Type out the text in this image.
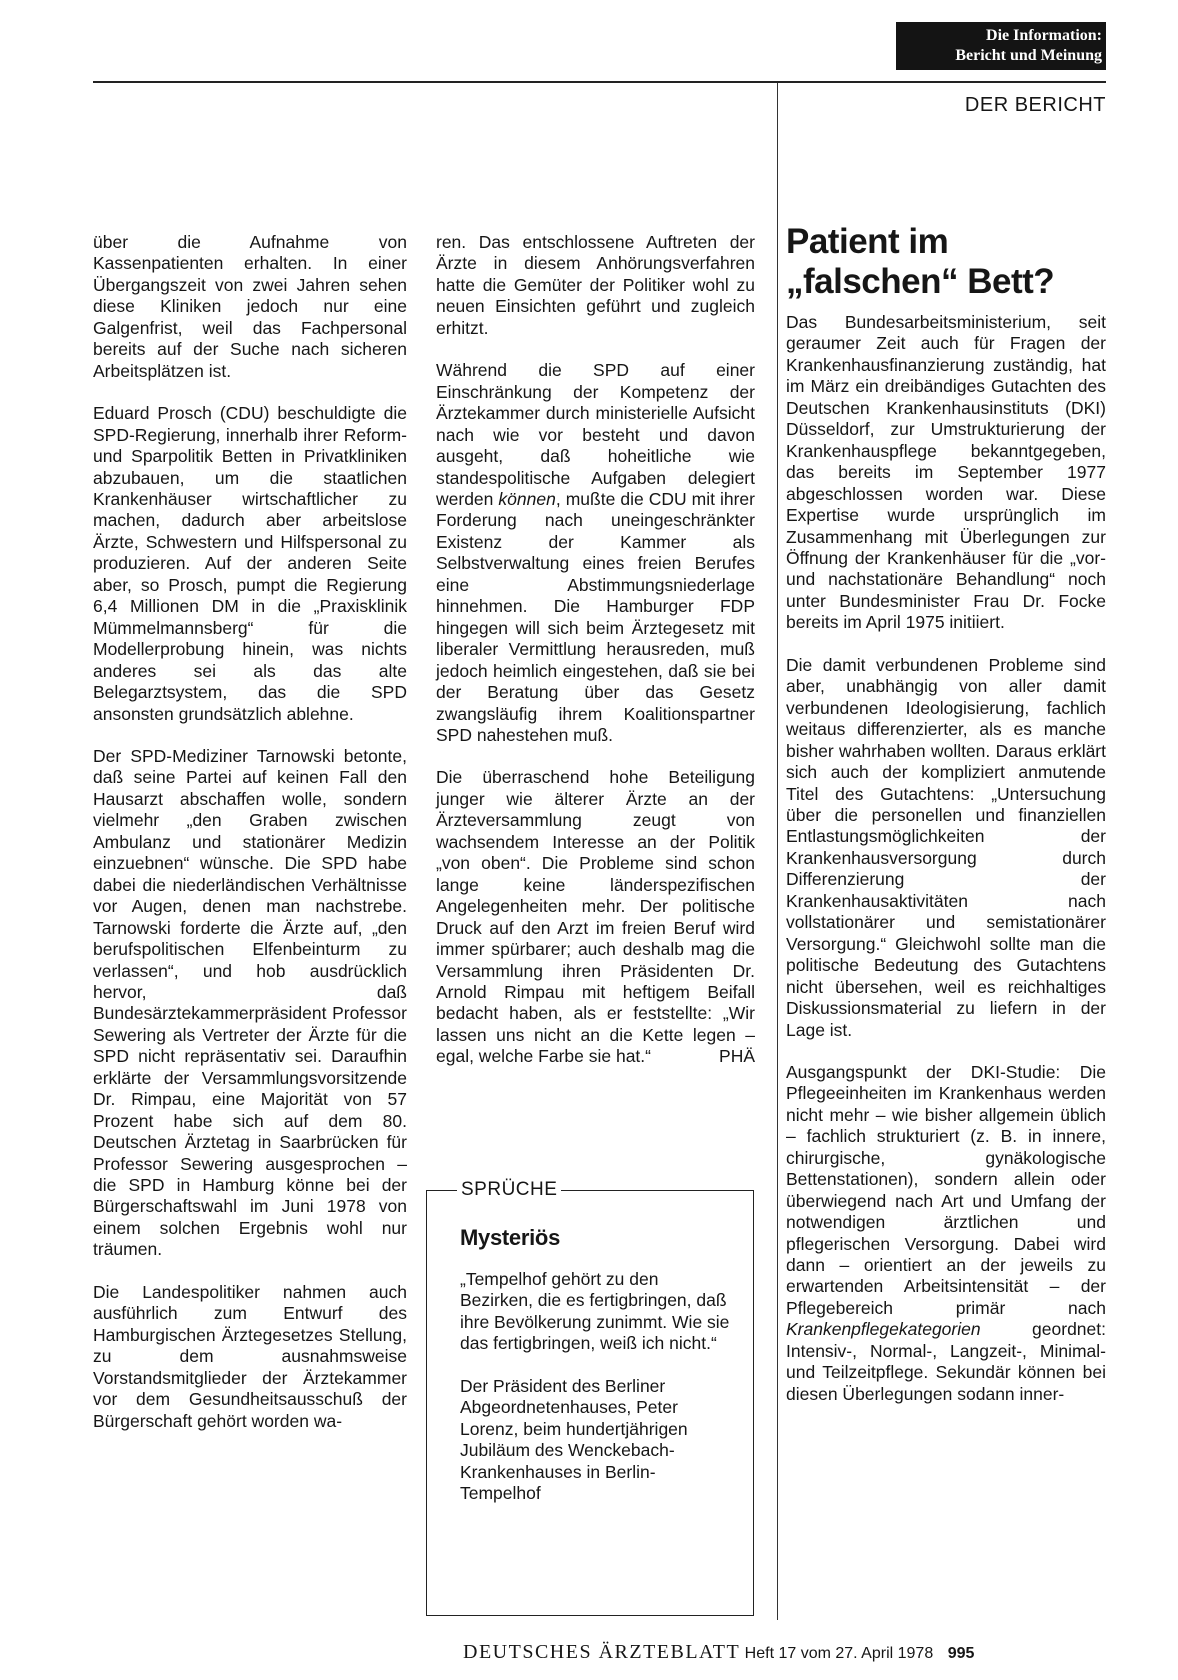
Die Information:
Bericht und Meinung
DER BERICHT

über die Aufnahme von Kassenpatienten erhalten. In einer Übergangszeit von zwei Jahren sehen diese Kliniken jedoch nur eine Galgenfrist, weil das Fachpersonal bereits auf der Suche nach sicheren Arbeitsplätzen ist.

Eduard Prosch (CDU) beschuldigte die SPD-Regierung, innerhalb ihrer Reform- und Sparpolitik Betten in Privatkliniken abzubauen, um die staatlichen Krankenhäuser wirtschaftlicher zu machen, dadurch aber arbeitslose Ärzte, Schwestern und Hilfspersonal zu produzieren. Auf der anderen Seite aber, so Prosch, pumpt die Regierung 6,4 Millionen DM in die „Praxisklinik Mümmelmannsberg“ für die Modellerprobung hinein, was nichts anderes sei als das alte Belegarztsystem, das die SPD ansonsten grundsätzlich ablehne.

Der SPD-Mediziner Tarnowski betonte, daß seine Partei auf keinen Fall den Hausarzt abschaffen wolle, sondern vielmehr „den Graben zwischen Ambulanz und stationärer Medizin einzuebnen“ wünsche. Die SPD habe dabei die niederländischen Verhältnisse vor Augen, denen man nachstrebe. Tarnowski forderte die Ärzte auf, „den berufspolitischen Elfenbeinturm zu verlassen“, und hob ausdrücklich hervor, daß Bundesärztekammerpräsident Professor Sewering als Vertreter der Ärzte für die SPD nicht repräsentativ sei. Daraufhin erklärte der Versammlungsvorsitzende Dr. Rimpau, eine Majorität von 57 Prozent habe sich auf dem 80. Deutschen Ärztetag in Saarbrücken für Professor Sewering ausgesprochen – die SPD in Hamburg könne bei der Bürgerschaftswahl im Juni 1978 von einem solchen Ergebnis wohl nur träumen.

Die Landespolitiker nahmen auch ausführlich zum Entwurf des Hamburgischen Ärztegesetzes Stellung, zu dem ausnahmsweise Vorstandsmitglieder der Ärztekammer vor dem Gesundheitsausschuß der Bürgerschaft gehört worden wa-

ren. Das entschlossene Auftreten der Ärzte in diesem Anhörungsverfahren hatte die Gemüter der Politiker wohl zu neuen Einsichten geführt und zugleich erhitzt.

Während die SPD auf einer Einschränkung der Kompetenz der Ärztekammer durch ministerielle Aufsicht nach wie vor besteht und davon ausgeht, daß hoheitliche wie standespolitische Aufgaben delegiert werden können, mußte die CDU mit ihrer Forderung nach uneingeschränkter Existenz der Kammer als Selbstverwaltung eines freien Berufes eine Abstimmungsniederlage hinnehmen. Die Hamburger FDP hingegen will sich beim Ärztegesetz mit liberaler Vermittlung herausreden, muß jedoch heimlich eingestehen, daß sie bei der Beratung über das Gesetz zwangsläufig ihrem Koalitionspartner SPD nahestehen muß.

Die überraschend hohe Beteiligung junger wie älterer Ärzte an der Ärzteversammlung zeugt von wachsendem Interesse an der Politik „von oben“. Die Probleme sind schon lange keine länderspezifischen Angelegenheiten mehr. Der politische Druck auf den Arzt im freien Beruf wird immer spürbarer; auch deshalb mag die Versammlung ihren Präsidenten Dr. Arnold Rimpau mit heftigem Beifall bedacht haben, als er feststellte: „Wir lassen uns nicht an die Kette legen – egal, welche Farbe sie hat.“	PHÄ

SPRÜCHE
Mysteriös

„Tempelhof gehört zu den Bezirken, die es fertigbringen, daß ihre Bevölkerung zunimmt. Wie sie das fertigbringen, weiß ich nicht.“

Der Präsident des Berliner Abgeordnetenhauses, Peter Lorenz, beim hundertjährigen Jubiläum des Wenckebach-Krankenhauses in Berlin-Tempelhof

Patient im
„falschen“ Bett?

Das Bundesarbeitsministerium, seit geraumer Zeit auch für Fragen der Krankenhausfinanzierung zuständig, hat im März ein dreibändiges Gutachten des Deutschen Krankenhausinstituts (DKI) Düsseldorf, zur Umstrukturierung der Krankenhauspflege bekanntgegeben, das bereits im September 1977 abgeschlossen worden war. Diese Expertise wurde ursprünglich im Zusammenhang mit Überlegungen zur Öffnung der Krankenhäuser für die „vor- und nachstationäre Behandlung“ noch unter Bundesminister Frau Dr. Focke bereits im April 1975 initiiert.

Die damit verbundenen Probleme sind aber, unabhängig von aller damit verbundenen Ideologisierung, fachlich weitaus differenzierter, als es manche bisher wahrhaben wollten. Daraus erklärt sich auch der kompliziert anmutende Titel des Gutachtens: „Untersuchung über die personellen und finanziellen Entlastungsmöglichkeiten der Krankenhausversorgung durch Differenzierung der Krankenhausaktivitäten nach vollstationärer und semistationärer Versorgung.“ Gleichwohl sollte man die politische Bedeutung des Gutachtens nicht übersehen, weil es reichhaltiges Diskussionsmaterial zu liefern in der Lage ist.

Ausgangspunkt der DKI-Studie: Die Pflegeeinheiten im Krankenhaus werden nicht mehr – wie bisher allgemein üblich – fachlich strukturiert (z. B. in innere, chirurgische, gynäkologische Bettenstationen), sondern allein oder überwiegend nach Art und Umfang der notwendigen ärztlichen und pflegerischen Versorgung. Dabei wird dann – orientiert an der jeweils zu erwartenden Arbeitsintensität – der Pflegebereich primär nach Krankenpflegekategorien geordnet: Intensiv-, Normal-, Langzeit-, Minimal- und Teilzeitpflege. Sekundär können bei diesen Überlegungen sodann inner-

DEUTSCHES ÄRZTEBLATT Heft 17 vom 27. April 1978 995
